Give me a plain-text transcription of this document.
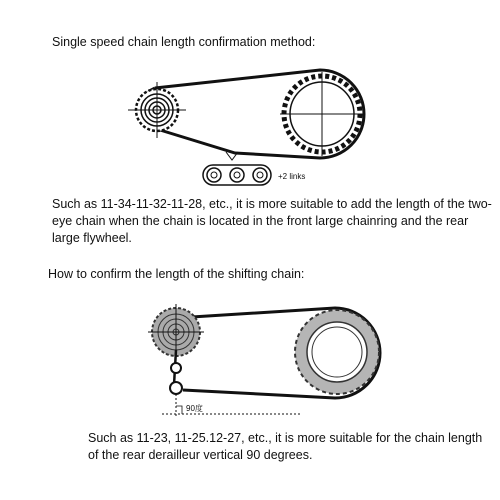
Single speed chain length confirmation method:

+2 links

Such as 11-34-11-32-11-28, etc., it is more suitable to add the length of the two-eye chain when the chain is located in the front large chainring and the rear large flywheel.

How to confirm the length of the shifting chain:

90度

Such as 11-23, 11-25.12-27, etc., it is more suitable for the chain length of the rear derailleur vertical 90 degrees.
